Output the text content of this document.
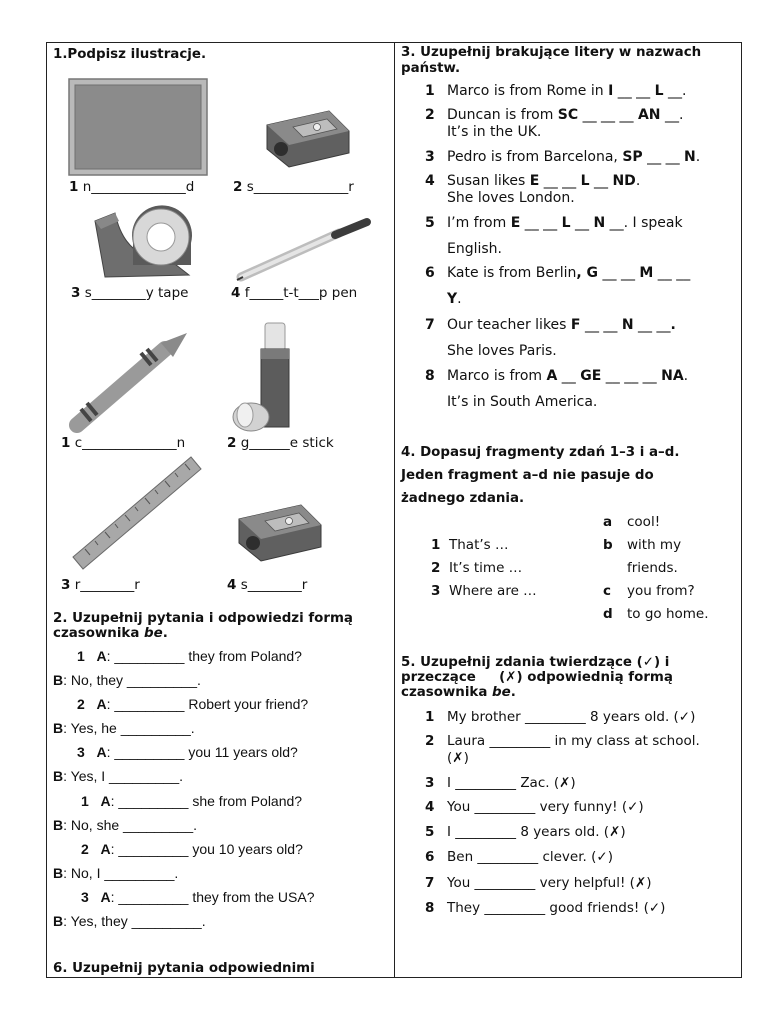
1.Podpisz ilustracje.
1 n______________d	2 s______________r
3 s________y tape	4 f_____t-t___p pen
1 c______________n	2 g______e stick
3 r________r	4 s________r
2. Uzupełnij pytania i odpowiedzi formą
czasownika be.
1 A: _________ they from Poland?
B: No, they _________.
2 A: _________ Robert your friend?
B: Yes, he _________.
3 A: _________ you 11 years old?
B: Yes, I _________.
1 A: _________ she from Poland?
B: No, she _________.
2 A: _________ you 10 years old?
B: No, I _________.
3 A: _________ they from the USA?
B: Yes, they _________.
6. Uzupełnij pytania odpowiednimi
3. Uzupełnij brakujące litery w nazwach
państw.
1 Marco is from Rome in I __ __ L __.
2 Duncan is from SC __ __ __ AN __.
It’s in the UK.
3 Pedro is from Barcelona, SP __ __ N.
4 Susan likes E __ __ L __ ND.
She loves London.
5 I’m from E __ __ L __ N __. I speak
English.
6 Kate is from Berlin, G __ __ M __ __
Y.
7 Our teacher likes F __ __ N __ __.
She loves Paris.
8 Marco is from A __ GE __ __ __ NA.
It’s in South America.
4. Dopasuj fragmenty zdań 1–3 i a–d.
Jeden fragment a–d nie pasuje do
żadnego zdania.
1 That’s …
2 It’s time …
3 Where are …
a cool!
b with my
friends.
c you from?
d to go home.
5. Uzupełnij zdania twierdzące (✓) i
przeczące     (✗) odpowiednią formą
czasownika be.
1 My brother _________ 8 years old. (✓)
2 Laura _________ in my class at school.
(✗)
3 I _________ Zac. (✗)
4 You _________ very funny! (✓)
5 I _________ 8 years old. (✗)
6 Ben _________ clever. (✓)
7 You _________ very helpful! (✗)
8 They _________ good friends! (✓)
